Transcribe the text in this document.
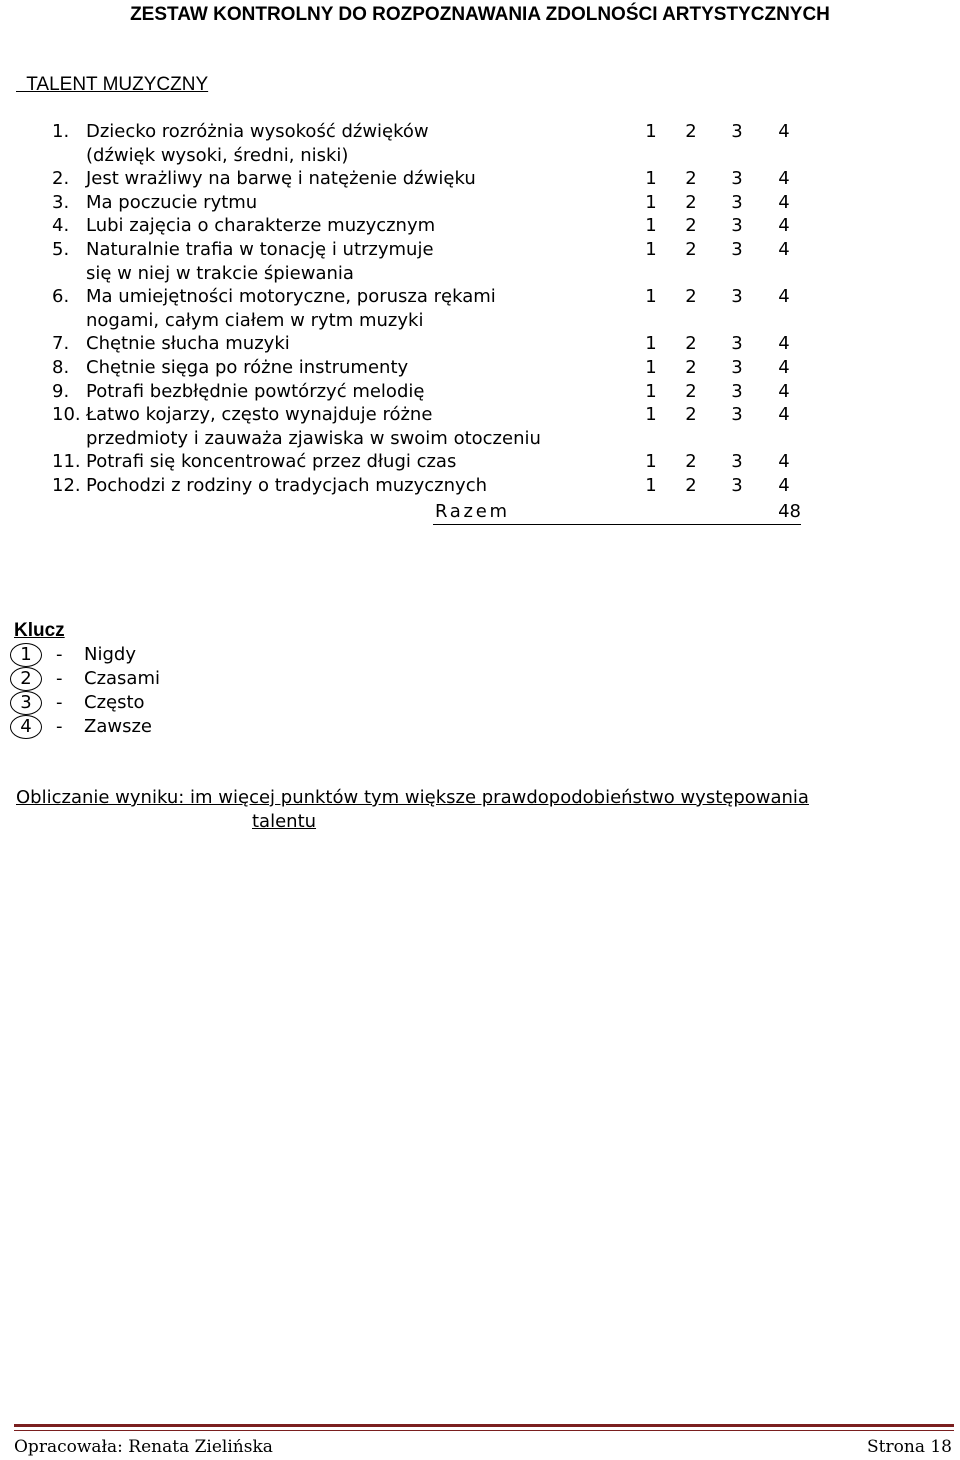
ZESTAW KONTROLNY DO ROZPOZNAWANIA ZDOLNOŚCI ARTYSTYCZNYCH
TALENT MUZYCZNY
1. Dziecko rozróżnia wysokość dźwięków	1 2 3 4
(dźwięk wysoki, średni, niski)
2. Jest wrażliwy na barwę i natężenie dźwięku	1 2 3 4
3. Ma poczucie rytmu	1 2 3 4
4. Lubi zajęcia o charakterze muzycznym	1 2 3 4
5. Naturalnie trafia w tonację i utrzymuje	1 2 3 4
się w niej w trakcie śpiewania
6. Ma umiejętności motoryczne, porusza rękami	1 2 3 4
nogami, całym ciałem w rytm muzyki
7. Chętnie słucha muzyki	1 2 3 4
8. Chętnie sięga po różne instrumenty	1 2 3 4
9. Potrafi bezbłędnie powtórzyć melodię	1 2 3 4
10. Łatwo kojarzy, często wynajduje różne	1 2 3 4
przedmioty i zauważa zjawiska w swoim otoczeniu
11. Potrafi się koncentrować przez długi czas	1 2 3 4
12. Pochodzi z rodziny o tradycjach muzycznych	1 2 3 4
Razem	48
Klucz
1	- Nigdy
2	- Czasami
3	- Często
4	- Zawsze
Obliczanie wyniku: im więcej punktów tym większe prawdopodobieństwo występowania
talentu
Opracowała: Renata Zielińska	Strona 18
